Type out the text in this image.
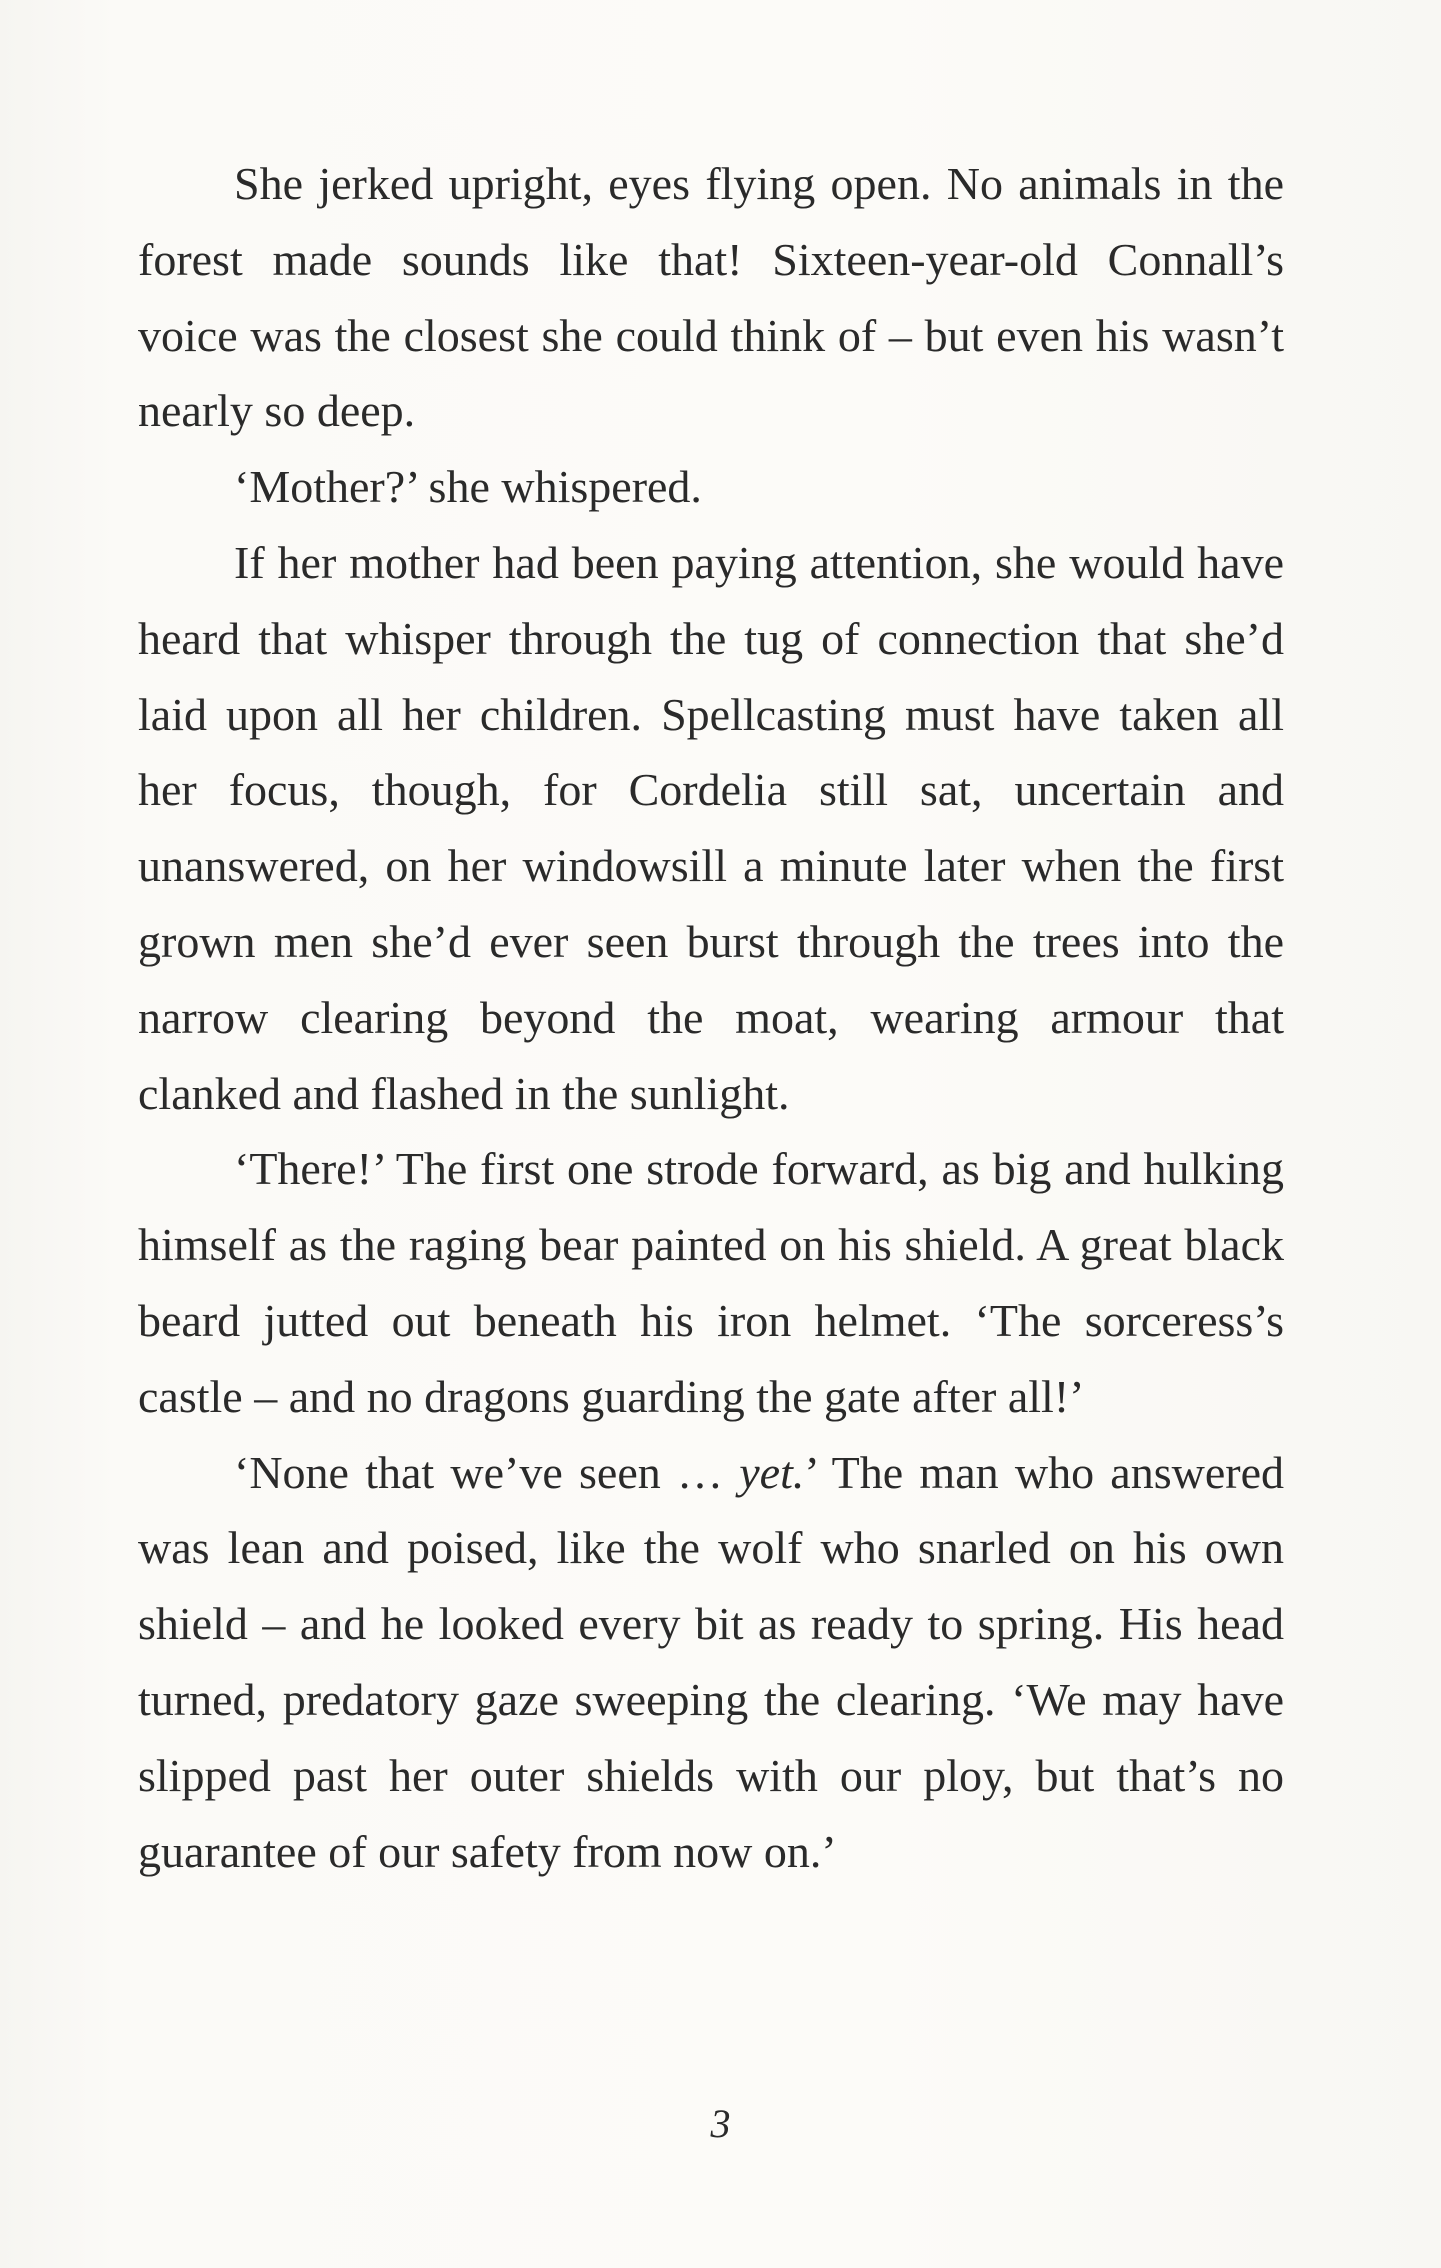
She jerked upright, eyes flying open. No animals in the forest made sounds like that! Sixteen-year-old Connall’s voice was the closest she could think of – but even his wasn’t nearly so deep.

‘Mother?’ she whispered.

If her mother had been paying attention, she would have heard that whisper through the tug of connection that she’d laid upon all her children. Spellcasting must have taken all her focus, though, for Cordelia still sat, uncertain and unanswered, on her windowsill a minute later when the first grown men she’d ever seen burst through the trees into the narrow clearing beyond the moat, wearing armour that clanked and flashed in the sunlight.

‘There!’ The first one strode forward, as big and hulking himself as the raging bear painted on his shield. A great black beard jutted out beneath his iron helmet. ‘The sorceress’s castle – and no dragons guarding the gate after all!’

‘None that we’ve seen … yet.’ The man who answered was lean and poised, like the wolf who snarled on his own shield – and he looked every bit as ready to spring. His head turned, predatory gaze sweeping the clearing. ‘We may have slipped past her outer shields with our ploy, but that’s no guarantee of our safety from now on.’

3
